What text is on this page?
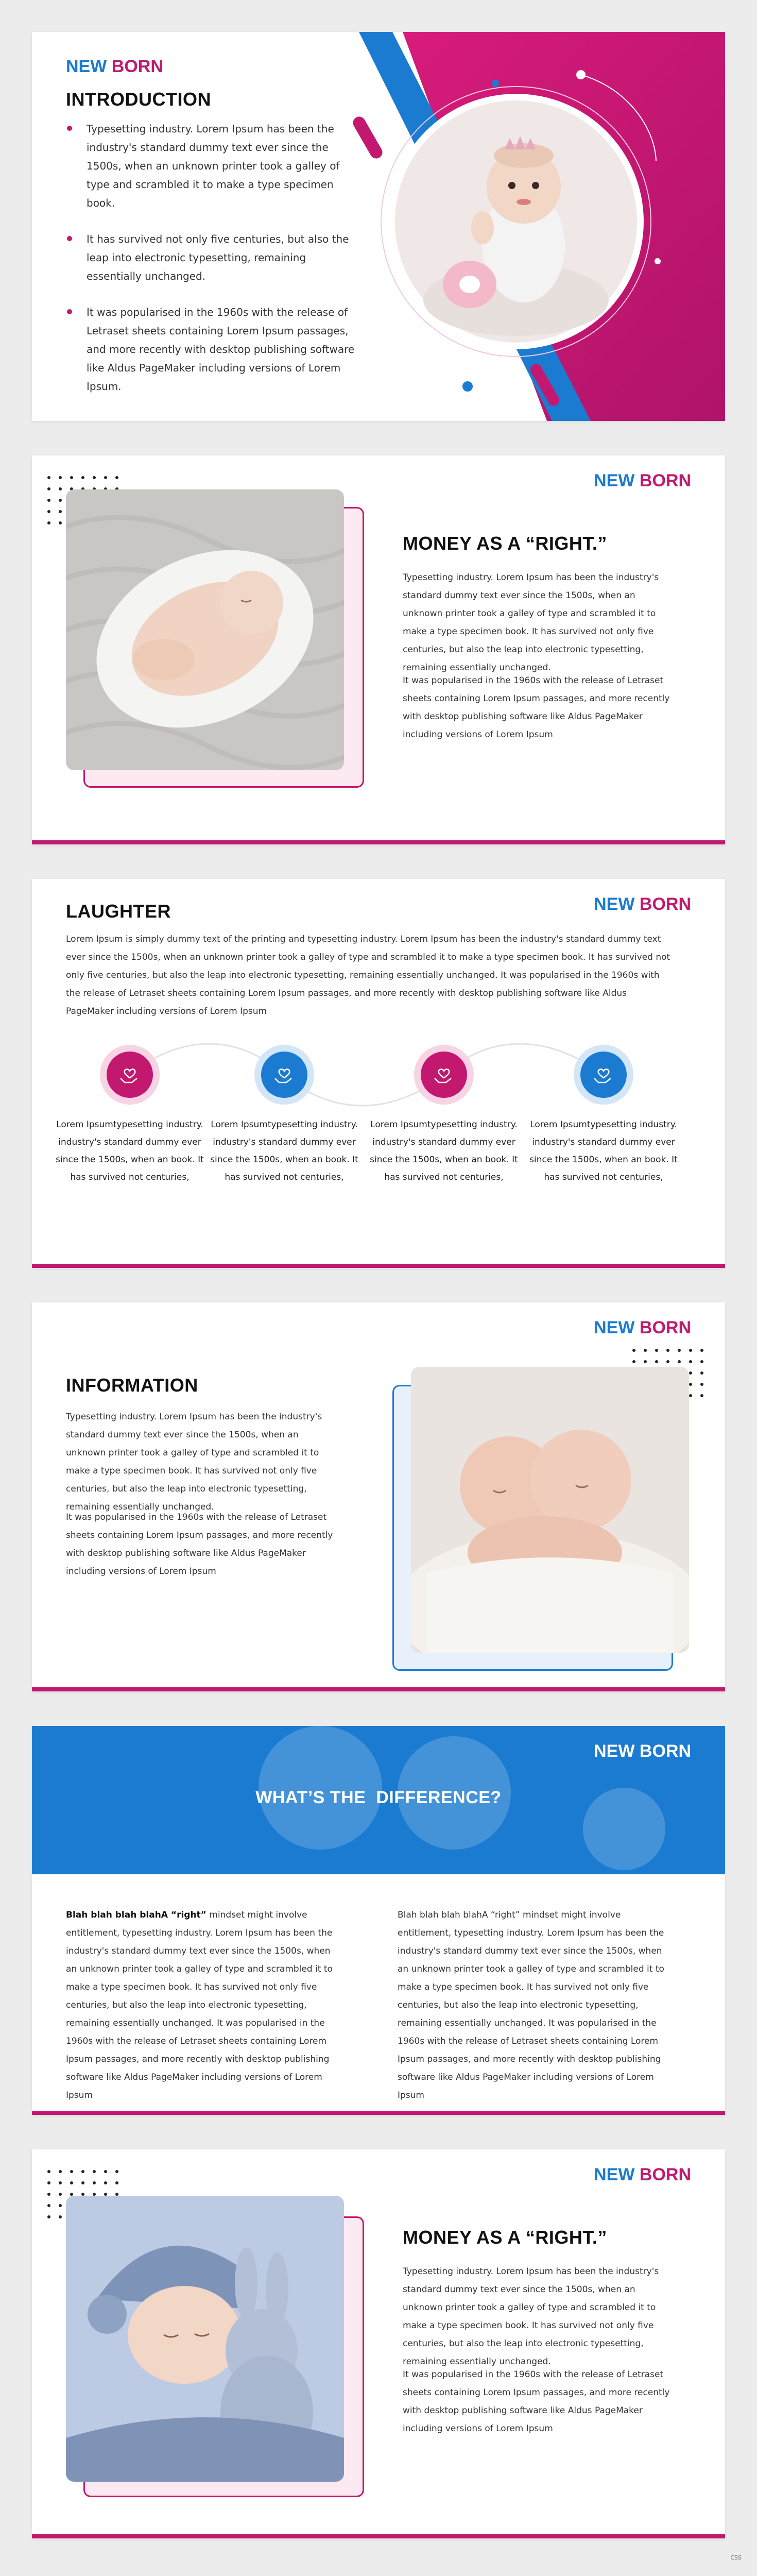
NEW BORN
INTRODUCTION
Typesetting industry. Lorem Ipsum has been the industry's standard dummy text ever since the 1500s, when an unknown printer took a galley of type and scrambled it to make a type specimen book.
It has survived not only five centuries, but also the leap into electronic typesetting, remaining essentially unchanged.
It was popularised in the 1960s with the release of Letraset sheets containing Lorem Ipsum passages, and more recently with desktop publishing software like Aldus PageMaker including versions of Lorem Ipsum.
NEW BORN
MONEY AS A “RIGHT.”
Typesetting industry. Lorem Ipsum has been the industry's standard dummy text ever since the 1500s, when an unknown printer took a galley of type and scrambled it to make a type specimen book. It has survived not only five centuries, but also the leap into electronic typesetting, remaining essentially unchanged.
It was popularised in the 1960s with the release of Letraset sheets containing Lorem Ipsum passages, and more recently with desktop publishing software like Aldus PageMaker including versions of Lorem Ipsum
NEW BORN
LAUGHTER
Lorem Ipsum is simply dummy text of the printing and typesetting industry. Lorem Ipsum has been the industry's standard dummy text ever since the 1500s, when an unknown printer took a galley of type and scrambled it to make a type specimen book. It has survived not only five centuries, but also the leap into electronic typesetting, remaining essentially unchanged. It was popularised in the 1960s with the release of Letraset sheets containing Lorem Ipsum passages, and more recently with desktop publishing software like Aldus PageMaker including versions of Lorem Ipsum
Lorem Ipsumtypesetting industry. industry's standard dummy ever since the 1500s, when an book. It has survived not centuries,
Lorem Ipsumtypesetting industry. industry's standard dummy ever since the 1500s, when an book. It has survived not centuries,
Lorem Ipsumtypesetting industry. industry's standard dummy ever since the 1500s, when an book. It has survived not centuries,
Lorem Ipsumtypesetting industry. industry's standard dummy ever since the 1500s, when an book. It has survived not centuries,
NEW BORN
INFORMATION
Typesetting industry. Lorem Ipsum has been the industry's standard dummy text ever since the 1500s, when an unknown printer took a galley of type and scrambled it to make a type specimen book. It has survived not only five centuries, but also the leap into electronic typesetting, remaining essentially unchanged.
It was popularised in the 1960s with the release of Letraset sheets containing Lorem Ipsum passages, and more recently with desktop publishing software like Aldus PageMaker including versions of Lorem Ipsum
NEW BORN
WHAT’S THE  DIFFERENCE?
Blah blah blah blahA “right” mindset might involve entitlement, typesetting industry. Lorem Ipsum has been the industry's standard dummy text ever since the 1500s, when an unknown printer took a galley of type and scrambled it to make a type specimen book. It has survived not only five centuries, but also the leap into electronic typesetting, remaining essentially unchanged. It was popularised in the 1960s with the release of Letraset sheets containing Lorem Ipsum passages, and more recently with desktop publishing software like Aldus PageMaker including versions of Lorem Ipsum
Blah blah blah blahA “right” mindset might involve entitlement, typesetting industry. Lorem Ipsum has been the industry's standard dummy text ever since the 1500s, when an unknown printer took a galley of type and scrambled it to make a type specimen book. It has survived not only five centuries, but also the leap into electronic typesetting, remaining essentially unchanged. It was popularised in the 1960s with the release of Letraset sheets containing Lorem Ipsum passages, and more recently with desktop publishing software like Aldus PageMaker including versions of Lorem Ipsum
NEW BORN
MONEY AS A “RIGHT.”
Typesetting industry. Lorem Ipsum has been the industry's standard dummy text ever since the 1500s, when an unknown printer took a galley of type and scrambled it to make a type specimen book. It has survived not only five centuries, but also the leap into electronic typesetting, remaining essentially unchanged.
It was popularised in the 1960s with the release of Letraset sheets containing Lorem Ipsum passages, and more recently with desktop publishing software like Aldus PageMaker including versions of Lorem Ipsum
CSS
